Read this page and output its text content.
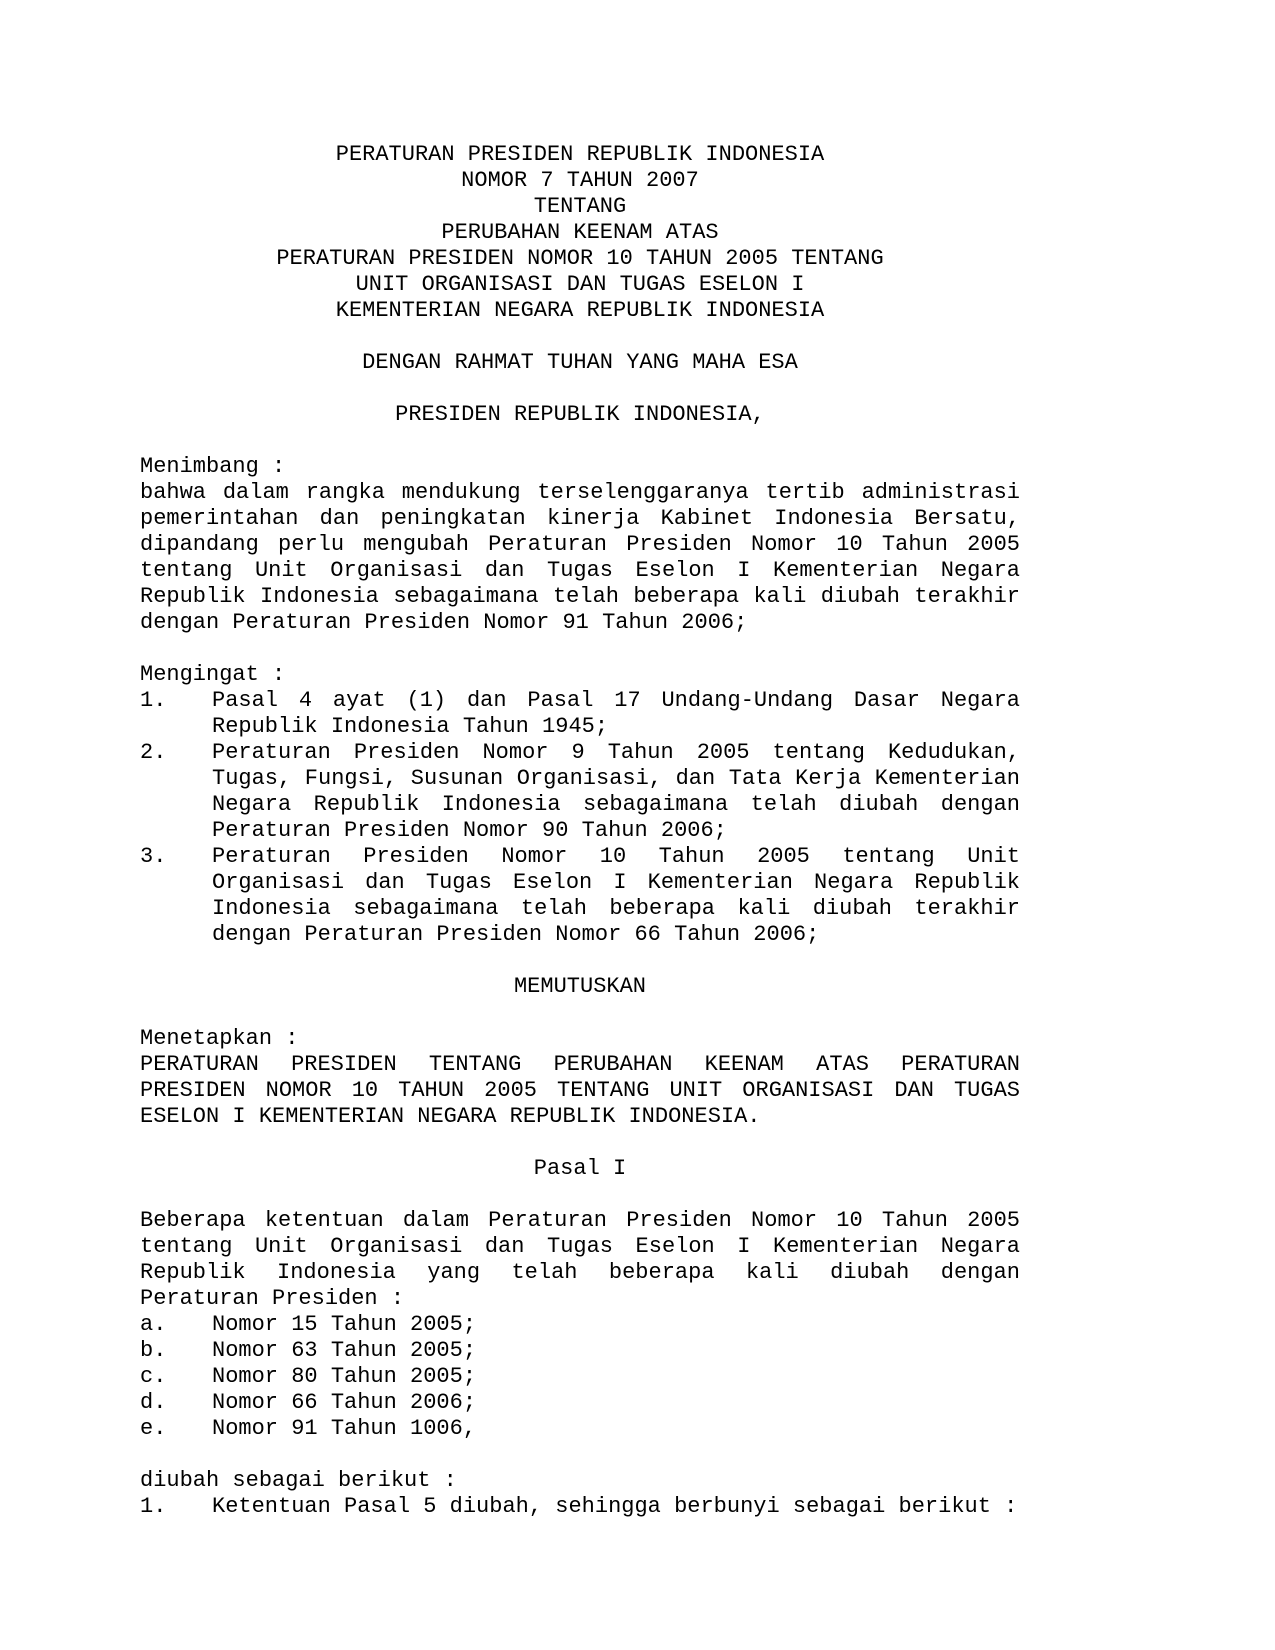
PERATURAN PRESIDEN REPUBLIK INDONESIA
NOMOR 7 TAHUN 2007
TENTANG
PERUBAHAN KEENAM ATAS
PERATURAN PRESIDEN NOMOR 10 TAHUN 2005 TENTANG
UNIT ORGANISASI DAN TUGAS ESELON I
KEMENTERIAN NEGARA REPUBLIK INDONESIA
DENGAN RAHMAT TUHAN YANG MAHA ESA
PRESIDEN REPUBLIK INDONESIA,
Menimbang :

bahwa dalam rangka mendukung terselenggaranya tertib administrasi pemerintahan dan peningkatan kinerja Kabinet Indonesia Bersatu, dipandang perlu mengubah Peraturan Presiden Nomor 10 Tahun 2005 tentang Unit Organisasi dan Tugas Eselon I Kementerian Negara Republik Indonesia sebagaimana telah beberapa kali diubah terakhir dengan Peraturan Presiden Nomor 91 Tahun 2006;

Mengingat :
1.	Pasal 4 ayat (1) dan Pasal 17 Undang-Undang Dasar Negara Republik Indonesia Tahun 1945;
2.	Peraturan Presiden Nomor 9 Tahun 2005 tentang Kedudukan, Tugas, Fungsi, Susunan Organisasi, dan Tata Kerja Kementerian Negara Republik Indonesia sebagaimana telah diubah dengan Peraturan Presiden Nomor 90 Tahun 2006;
3.	Peraturan Presiden Nomor 10 Tahun 2005 tentang Unit Organisasi dan Tugas Eselon I Kementerian Negara Republik Indonesia sebagaimana telah beberapa kali diubah terakhir dengan Peraturan Presiden Nomor 66 Tahun 2006;
MEMUTUSKAN
Menetapkan :

PERATURAN PRESIDEN TENTANG PERUBAHAN KEENAM ATAS PERATURAN PRESIDEN NOMOR 10 TAHUN 2005 TENTANG UNIT ORGANISASI DAN TUGAS ESELON I KEMENTERIAN NEGARA REPUBLIK INDONESIA.

Pasal I

Beberapa ketentuan dalam Peraturan Presiden Nomor 10 Tahun 2005 tentang Unit Organisasi dan Tugas Eselon I Kementerian Negara Republik Indonesia yang telah beberapa kali diubah dengan Peraturan Presiden :

a.	Nomor 15 Tahun 2005;
b.	Nomor 63 Tahun 2005;
c.	Nomor 80 Tahun 2005;
d.	Nomor 66 Tahun 2006;
e.	Nomor 91 Tahun 1006,
diubah sebagai berikut :
1.	Ketentuan Pasal 5 diubah, sehingga berbunyi sebagai berikut :
